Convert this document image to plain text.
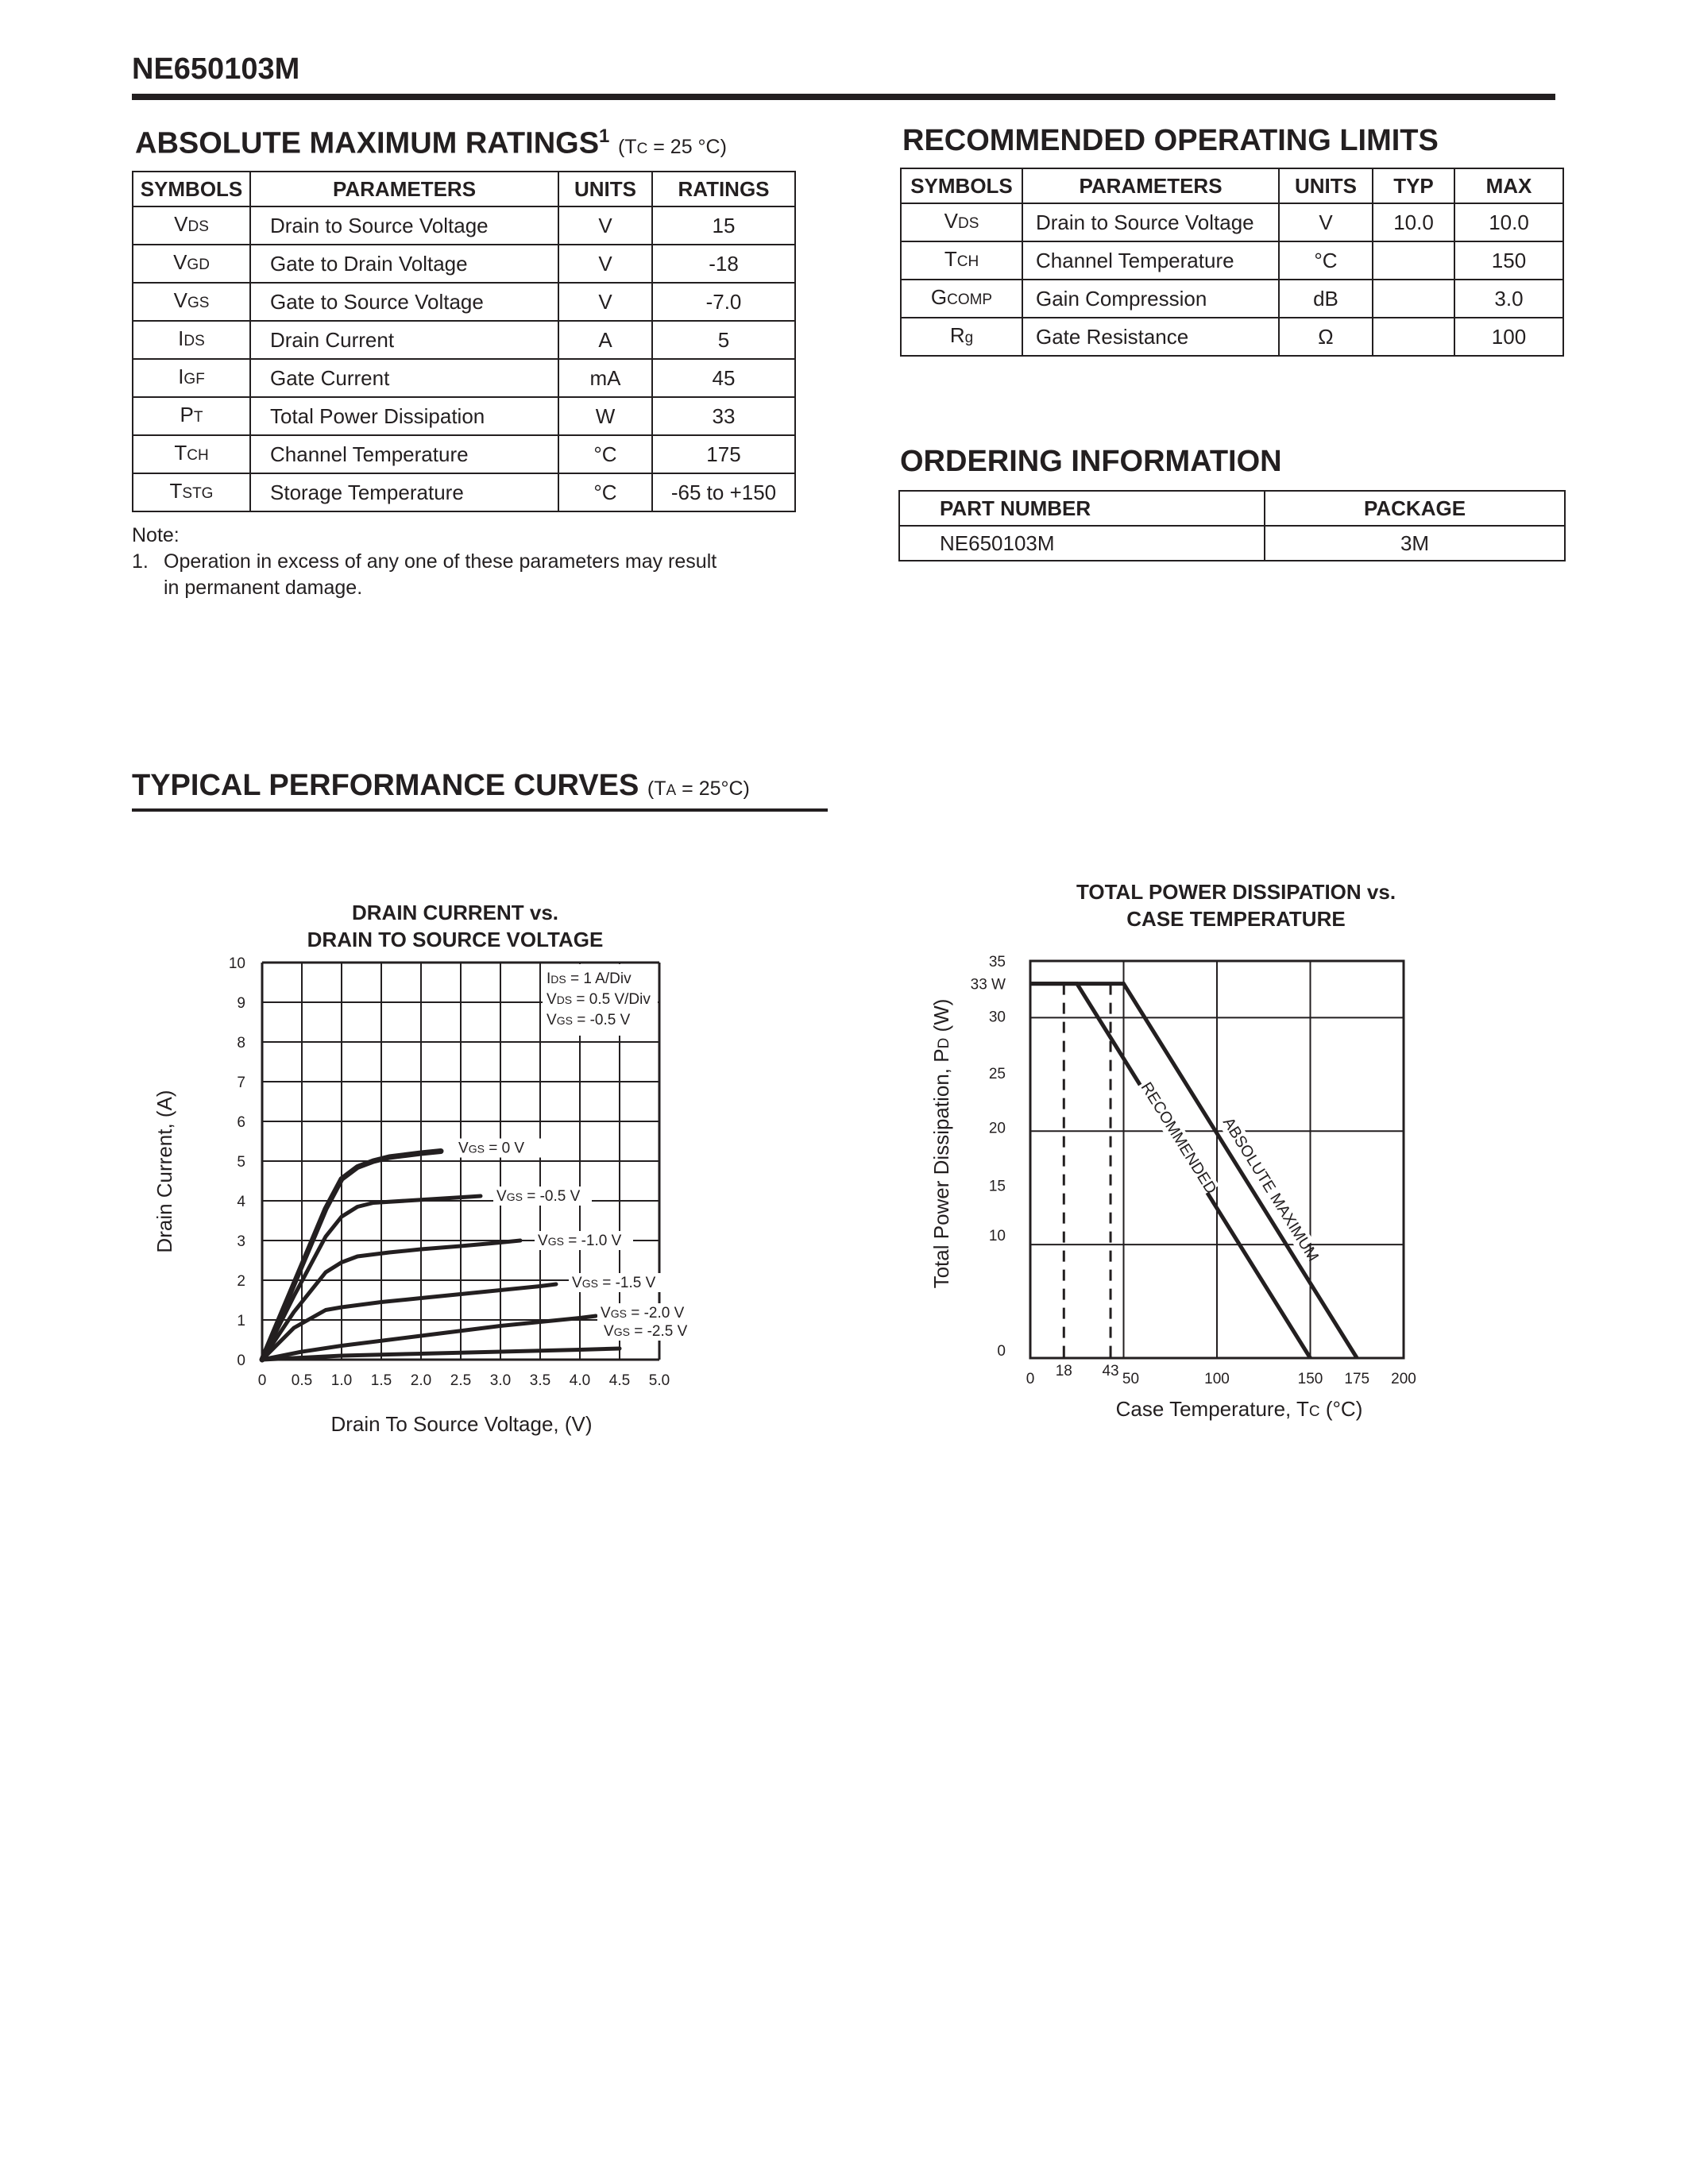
NE650103M
ABSOLUTE MAXIMUM RATINGS$^1$ (TC = 25 °C)
SYMBOLS	PARAMETERS	UNITS	RATINGS
VDS	Drain to Source Voltage	V	15
VGD	Gate to Drain Voltage	V	-18
VGS	Gate to Source Voltage	V	-7.0
IDS	Drain Current	A	5
IGF	Gate Current	mA	45
PT	Total Power Dissipation	W	33
TCH	Channel Temperature	°C	175
TSTG	Storage Temperature	°C	-65 to +150
Note:
1. Operation in excess of any one of these parameters may result
in permanent damage.
RECOMMENDED OPERATING LIMITS
SYMBOLS	PARAMETERS	UNITS	TYP	MAX
VDS	Drain to Source Voltage	V	10.0	10.0
TCH	Channel Temperature	°C		150
GCOMP	Gain Compression	dB		3.0
Rg	Gate Resistance	Ω		100
ORDERING INFORMATION
PART NUMBER	PACKAGE
NE650103M	3M
TYPICAL PERFORMANCE CURVES (TA = 25°C)
DRAIN CURRENT vs.
DRAIN TO SOURCE VOLTAGE
0 0.5 1.0 1.5 2.0 2.5 3.0 3.5 4.0 4.5 5.0
0
1
2
3
4
5
6
7
8
9
10
VGS = 0 V
VGS = -0.5 V
VGS = -1.0 V
VGS = -1.5 V
VGS = -2.0 V
VGS = -2.5 V
IDS = 1 A/Div
VDS = 0.5 V/Div
VGS = -0.5 V
Drain To Source Voltage, (V)
Drain Current, (A)
TOTAL POWER DISSIPATION vs.
CASE TEMPERATURE
0 18 43 50	100	150 175 200
0
10
15
20
25
30
33 W
35
ABSOLUTE MAXIMUM
RECOMMENDED
Case Temperature, TC (°C)
Total Power Dissipation, PD (W)
